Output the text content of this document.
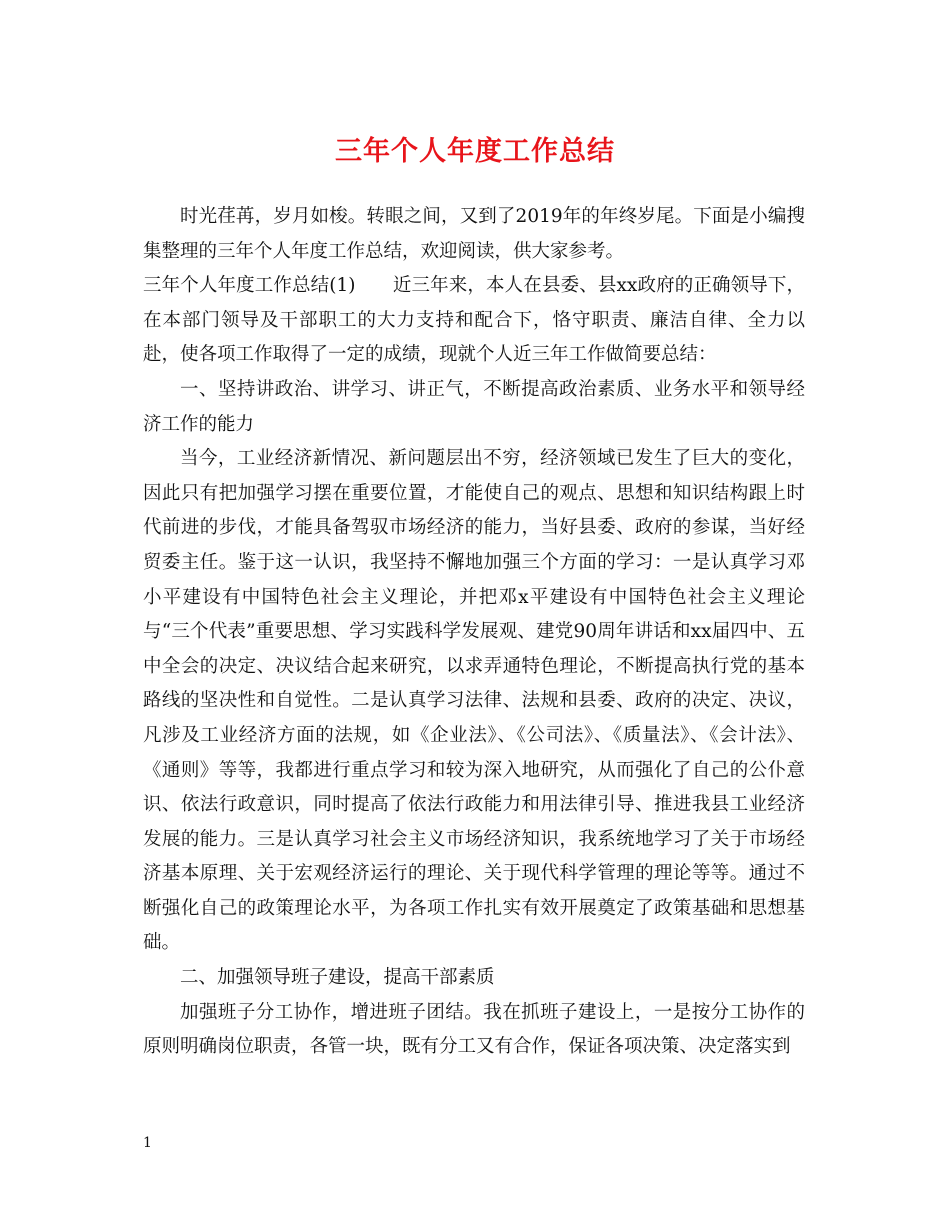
三年个人年度工作总结

时光荏苒，岁月如梭。转眼之间，又到了2019年的年终岁尾。下面是小编搜集整理的三年个人年度工作总结，欢迎阅读，供大家参考。

三年个人年度工作总结(1)　　近三年来，本人在县委、县xx政府的正确领导下，在本部门领导及干部职工的大力支持和配合下，恪守职责、廉洁自律、全力以赴，使各项工作取得了一定的成绩，现就个人近三年工作做简要总结：

一、坚持讲政治、讲学习、讲正气，不断提高政治素质、业务水平和领导经济工作的能力

当今，工业经济新情况、新问题层出不穷，经济领域已发生了巨大的变化，因此只有把加强学习摆在重要位置，才能使自己的观点、思想和知识结构跟上时代前进的步伐，才能具备驾驭市场经济的能力，当好县委、政府的参谋，当好经贸委主任。鉴于这一认识，我坚持不懈地加强三个方面的学习：一是认真学习邓小平建设有中国特色社会主义理论，并把邓x平建设有中国特色社会主义理论与“三个代表”重要思想、学习实践科学发展观、建党90周年讲话和xx届四中、五中全会的决定、决议结合起来研究，以求弄通特色理论，不断提高执行党的基本路线的坚决性和自觉性。二是认真学习法律、法规和县委、政府的决定、决议，凡涉及工业经济方面的法规，如《企业法》、《公司法》、《质量法》、《会计法》、《通则》等等，我都进行重点学习和较为深入地研究，从而强化了自己的公仆意识、依法行政意识，同时提高了依法行政能力和用法律引导、推进我县工业经济发展的能力。三是认真学习社会主义市场经济知识，我系统地学习了关于市场经济基本原理、关于宏观经济运行的理论、关于现代科学管理的理论等等。通过不断强化自己的政策理论水平，为各项工作扎实有效开展奠定了政策基础和思想基础。

二、加强领导班子建设，提高干部素质

加强班子分工协作，增进班子团结。我在抓班子建设上，一是按分工协作的原则明确岗位职责，各管一块，既有分工又有合作，保证各项决策、决定落实到

1
